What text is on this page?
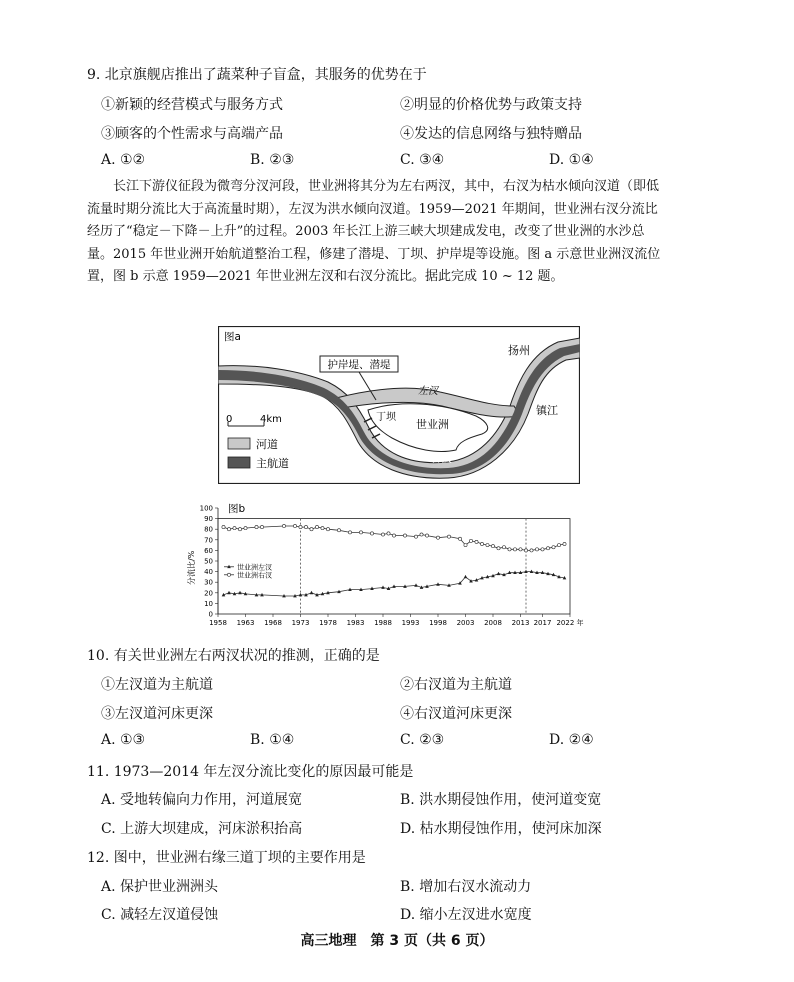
9. 北京旗舰店推出了蔬菜种子盲盒，其服务的优势在于
①新颖的经营模式与服务方式	②明显的价格优势与政策支持
③顾客的个性需求与高端产品	④发达的信息网络与独特赠品
A. ①②	B. ②③	C. ③④	D. ①④

长江下游仪征段为微弯分汊河段，世业洲将其分为左右两汊，其中，右汊为枯水倾向汊道（即低

流量时期分流比大于高流量时期），左汊为洪水倾向汊道。1959—2021 年期间，世业洲右汊分流比

经历了“稳定－下降－上升”的过程。2003 年长江上游三峡大坝建成发电，改变了世业洲的水沙总

量。2015 年世业洲开始航道整治工程，修建了潜堤、丁坝、护岸堤等设施。图 a 示意世业洲汊流位

置，图 b 示意 1959—2021 年世业洲左汊和右汊分流比。据此完成 10 ~ 12 题。

护岸堤、潜堤
图a
扬州
镇江
世业洲
左汊
右汊
丁坝
0	4km
河道
主航道
图b
分流比/%
0
10
20
30
40
50
60
70
80
90
100
1958 1963 1968 1973 1978 1983 1988 1993 1998 2003 2008 2013 2017 2022 年
世业洲右汊
世业洲左汊
10. 有关世业洲左右两汊状况的推测，正确的是
①左汊道为主航道	②右汊道为主航道
③左汊道河床更深	④右汊道河床更深
A. ①③	B. ①④	C. ②③	D. ②④
11. 1973—2014 年左汊分流比变化的原因最可能是
A. 受地转偏向力作用，河道展宽	B. 洪水期侵蚀作用，使河道变宽
C. 上游大坝建成，河床淤积抬高	D. 枯水期侵蚀作用，使河床加深
12. 图中，世业洲右缘三道丁坝的主要作用是
A. 保护世业洲洲头	B. 增加右汊水流动力
C. 减轻左汊道侵蚀	D. 缩小左汊进水宽度
高三地理　第 3 页（共 6 页）
